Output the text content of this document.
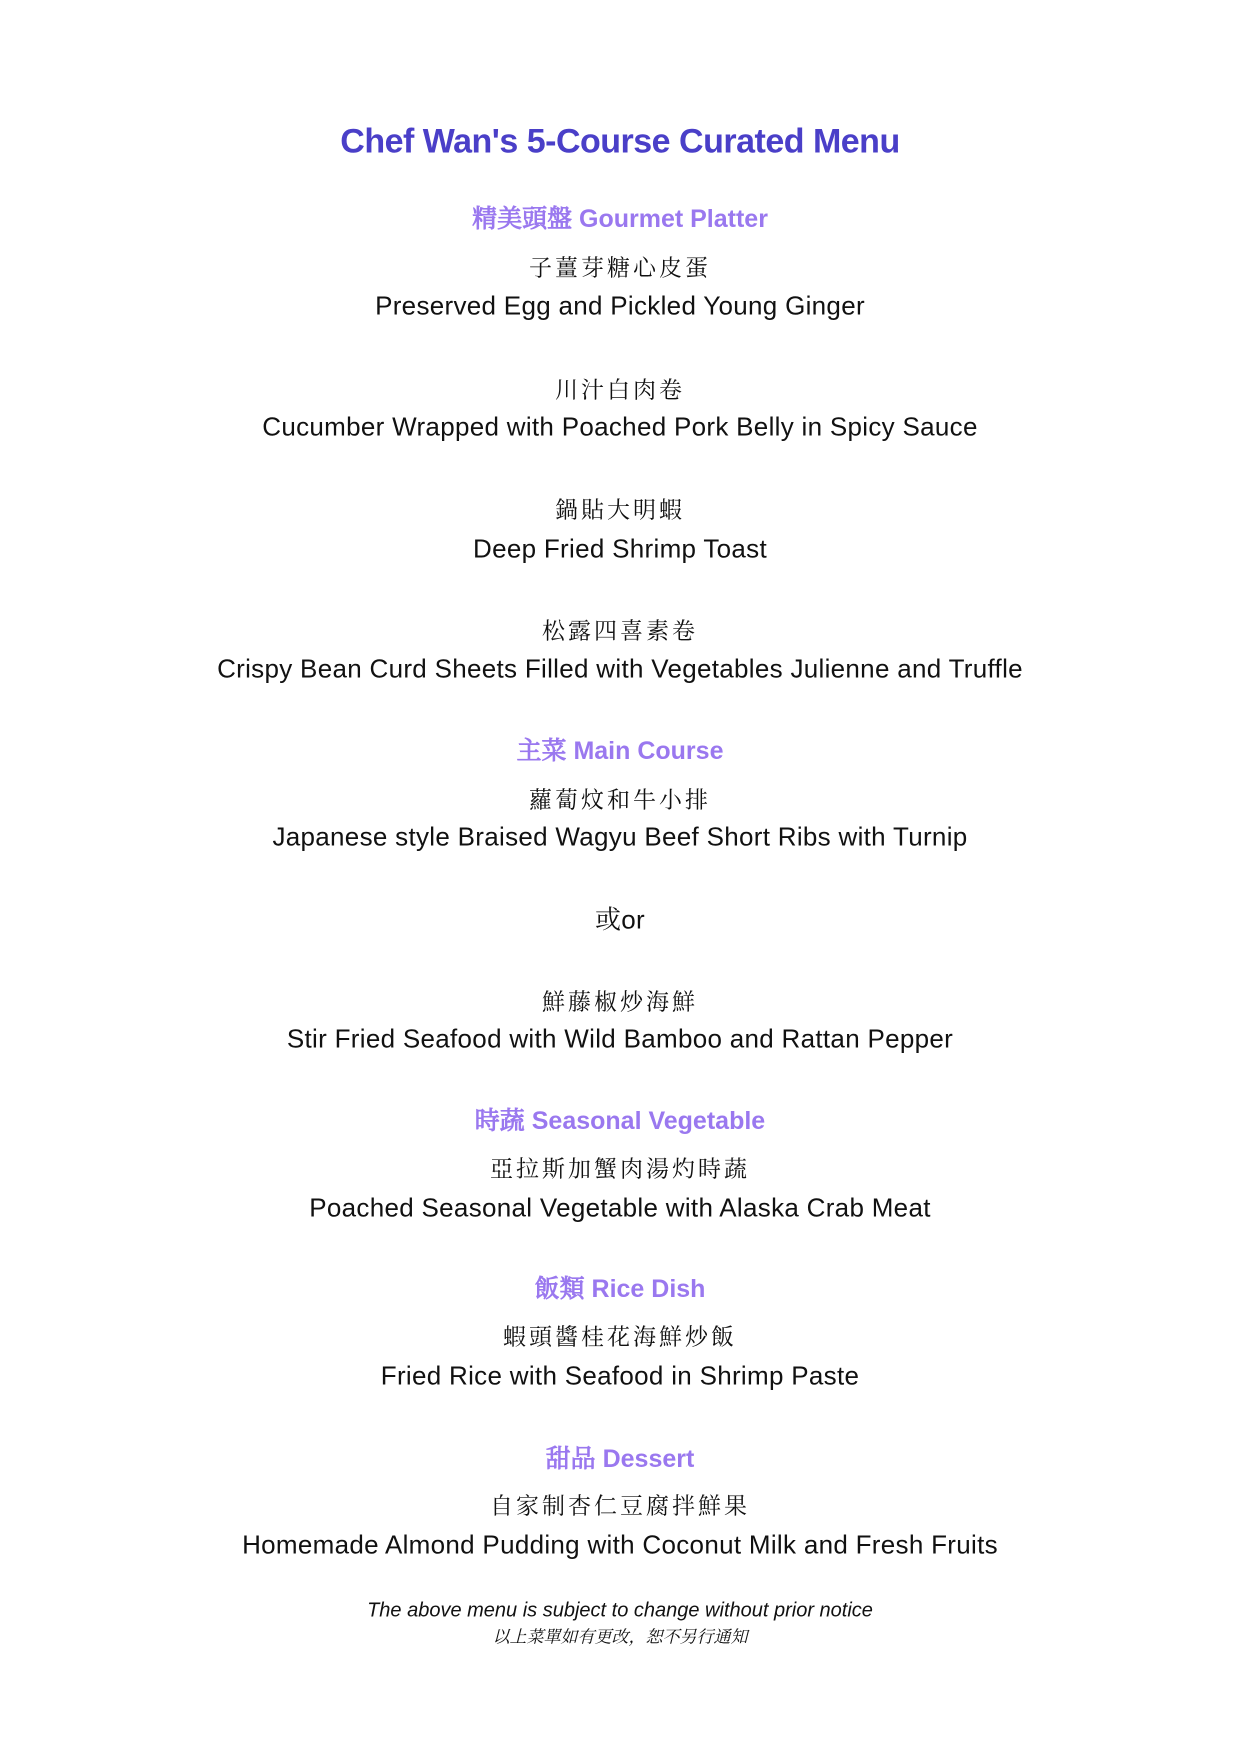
Chef Wan's 5-Course Curated Menu
精美頭盤 Gourmet Platter
子薑芽糖心皮蛋
Preserved Egg and Pickled Young Ginger
川汁白肉卷
Cucumber Wrapped with Poached Pork Belly in Spicy Sauce
鍋貼大明蝦
Deep Fried Shrimp Toast
松露四喜素卷
Crispy Bean Curd Sheets Filled with Vegetables Julienne and Truffle
主菜 Main Course
蘿蔔炆和牛小排
Japanese style Braised Wagyu Beef Short Ribs with Turnip
或or
鮮藤椒炒海鮮
Stir Fried Seafood with Wild Bamboo and Rattan Pepper
時蔬 Seasonal Vegetable
亞拉斯加蟹肉湯灼時蔬
Poached Seasonal Vegetable with Alaska Crab Meat
飯類 Rice Dish
蝦頭醬桂花海鮮炒飯
Fried Rice with Seafood in Shrimp Paste
甜品 Dessert
自家制杏仁豆腐拌鮮果
Homemade Almond Pudding with Coconut Milk and Fresh Fruits
The above menu is subject to change without prior notice
以上菜單如有更改，恕不另行通知
